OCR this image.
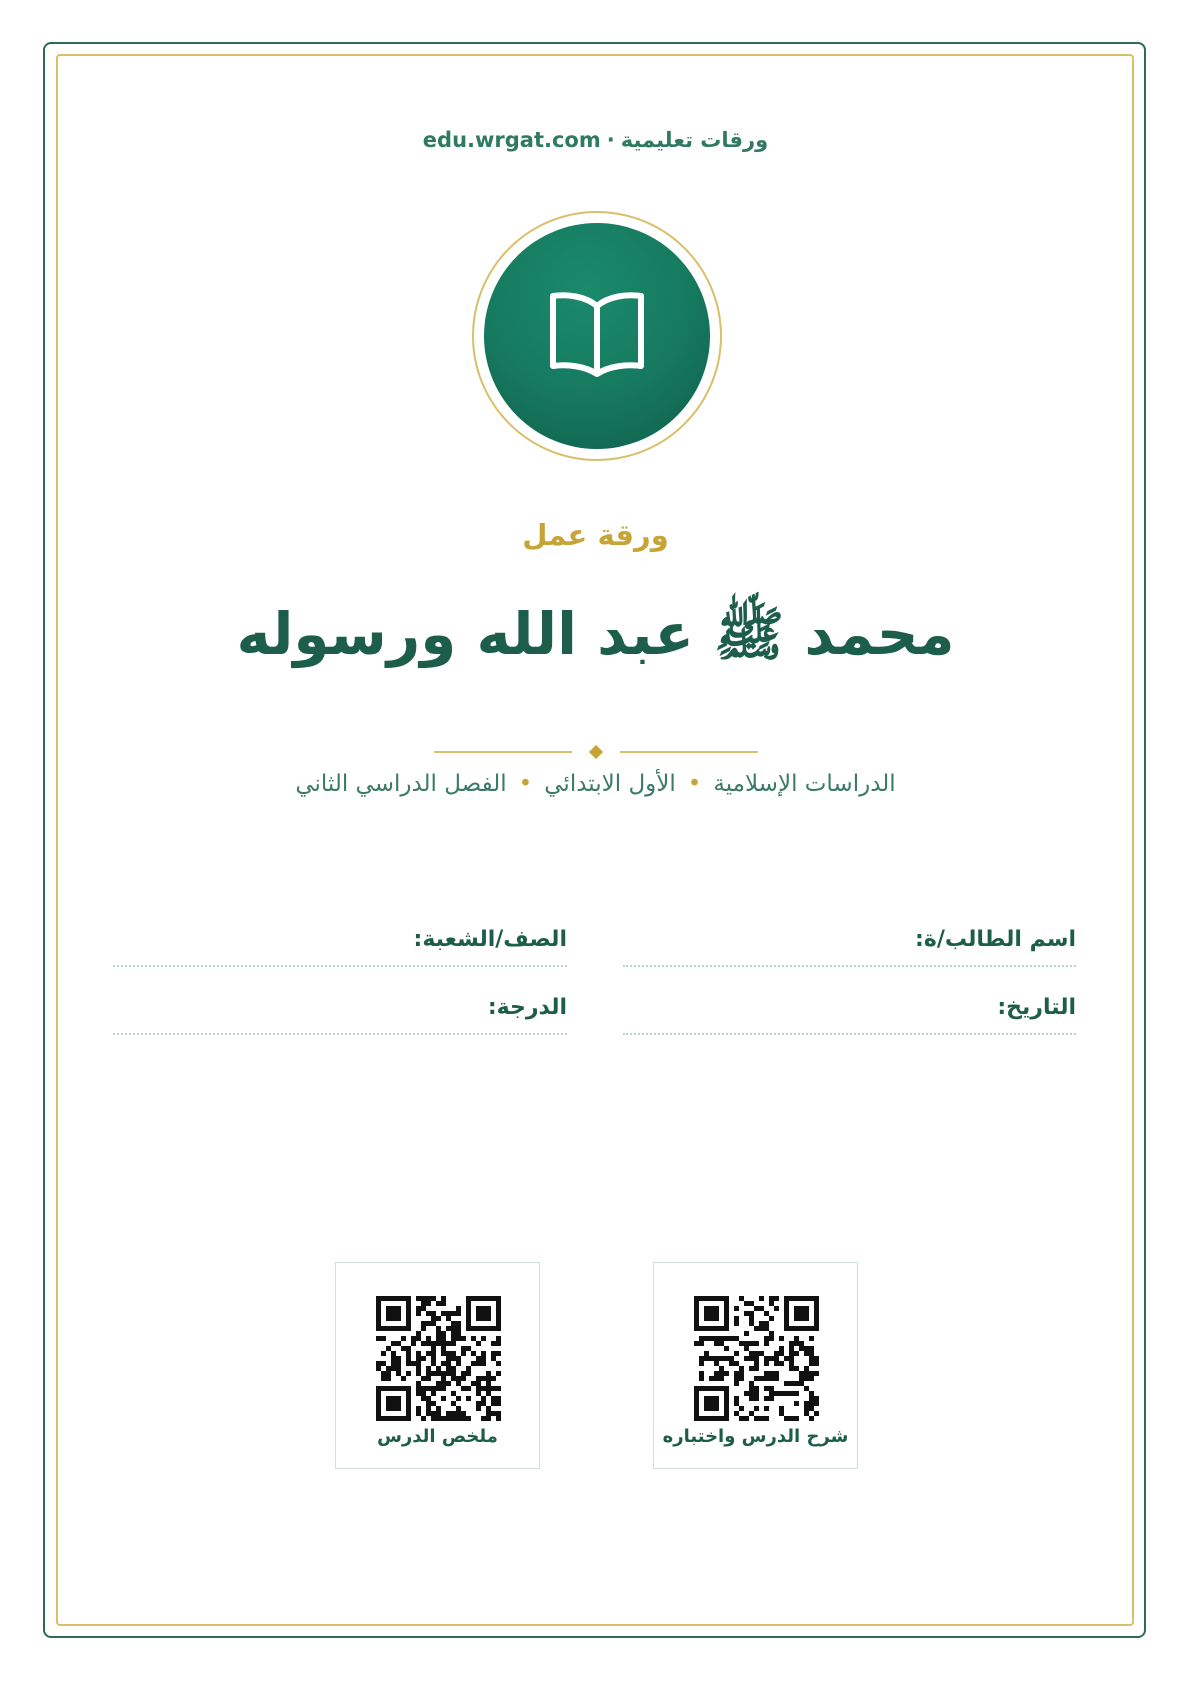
ورقات تعليمية·edu.wrgat.com
ورقة عمل
محمد ﷺ عبد الله ورسوله
الدراسات الإسلامية•الأول الابتدائي•الفصل الدراسي الثاني
اسم الطالب/ة:
الصف/الشعبة:
التاريخ:
الدرجة:
شرح الدرس واختباره
ملخص الدرس
